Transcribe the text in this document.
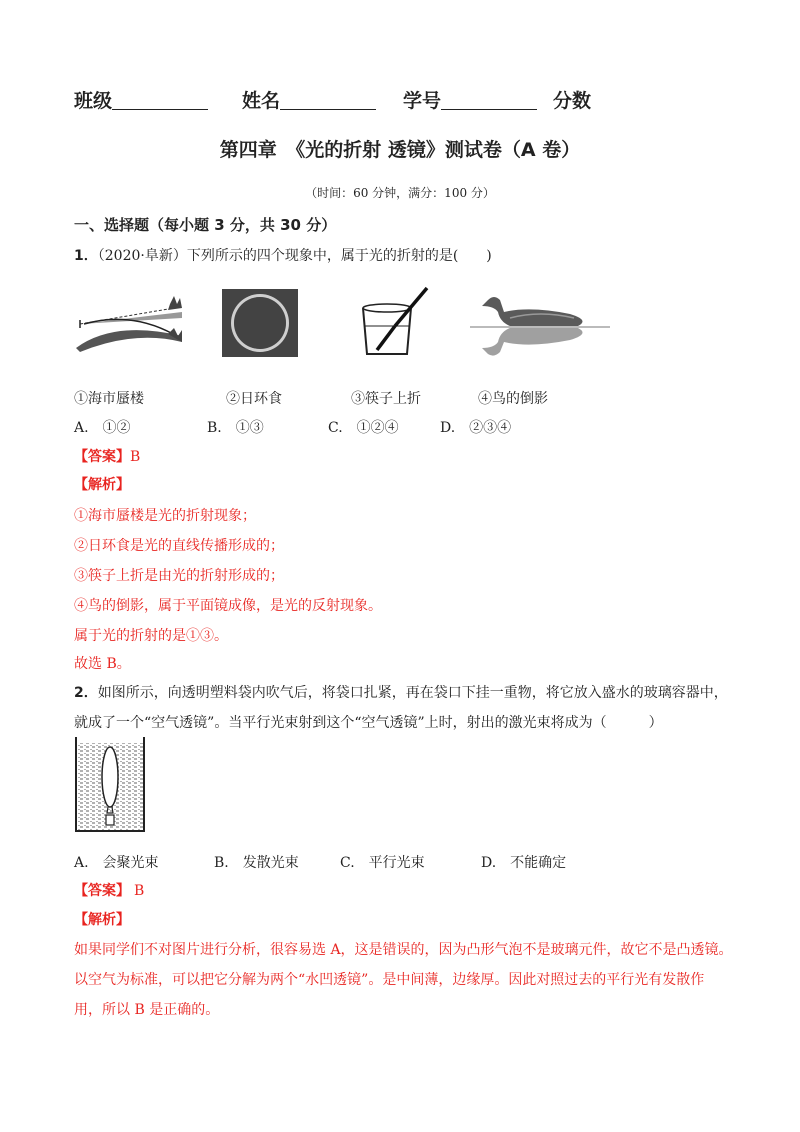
班级	姓名	学号	分数
第四章　《光的折射 透镜》测试卷（A 卷）
（时间：60 分钟，满分：100 分）
一、选择题（每小题 3 分，共 30 分）
1．（2020·阜新）下列所示的四个现象中，属于光的折射的是(　　)
①海市蜃楼	②日环食	③筷子上折	④鸟的倒影
A.　①②	B.　①③	C.　①②④	D.　②③④
【答案】B
【解析】
①海市蜃楼是光的折射现象；
②日环食是光的直线传播形成的；
③筷子上折是由光的折射形成的；
④鸟的倒影，属于平面镜成像，是光的反射现象。
属于光的折射的是①③。
故选 B。
2．如图所示，向透明塑料袋内吹气后，将袋口扎紧，再在袋口下挂一重物，将它放入盛水的玻璃容器中，
就成了一个“空气透镜”。当平行光束射到这个“空气透镜”上时，射出的激光束将成为（　　　）
A.　会聚光束	B.　发散光束	C.　平行光束	D.　不能确定
【答案】 B
【解析】
如果同学们不对图片进行分析，很容易选 A，这是错误的，因为凸形气泡不是玻璃元件，故它不是凸透镜。
以空气为标准，可以把它分解为两个“水凹透镜”。是中间薄，边缘厚。因此对照过去的平行光有发散作
用，所以 B 是正确的。
